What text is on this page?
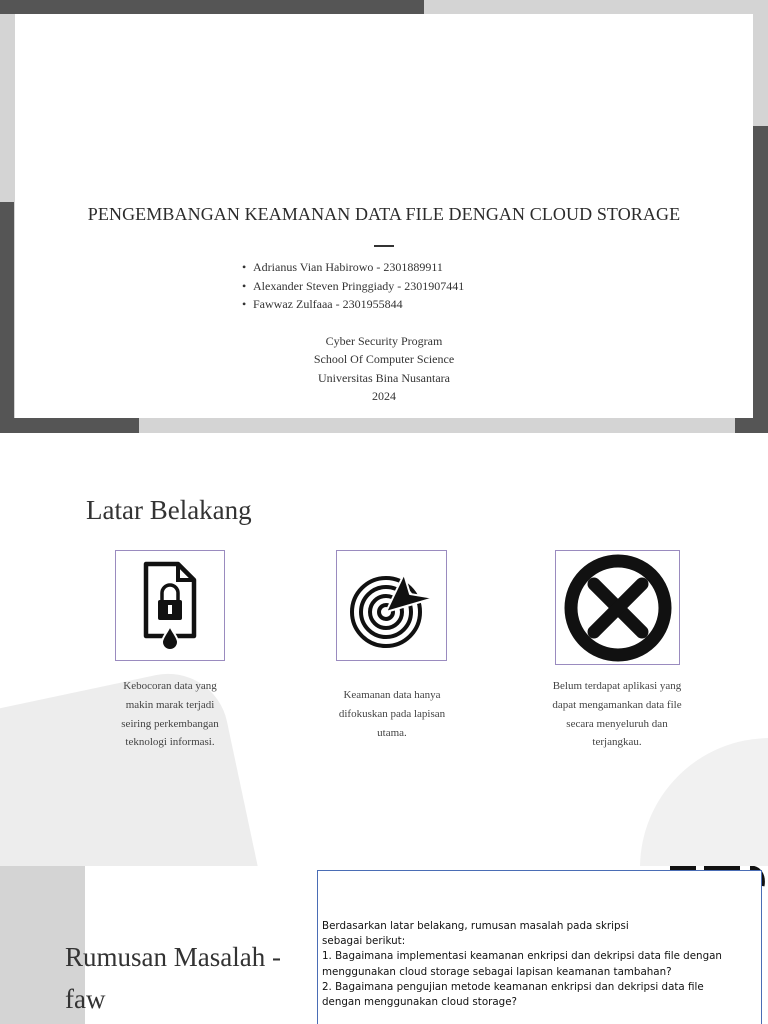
PENGEMBANGAN KEAMANAN DATA FILE DENGAN CLOUD STORAGE
• Adrianus Vian Habirowo - 2301889911
• Alexander Steven Pringgiady - 2301907441
• Fawwaz Zulfaaa - 2301955844
Cyber Security Program
School Of Computer Science
Universitas Bina Nusantara
2024
Latar Belakang
Kebocoran data yang
makin marak terjadi
seiring perkembangan
teknologi informasi.
Keamanan data hanya
difokuskan pada lapisan
utama.
Belum terdapat aplikasi yang
dapat mengamankan data file
secara menyeluruh dan
terjangkau.
Rumusan Masalah -
faw
Berdasarkan latar belakang, rumusan masalah pada skripsi
sebagai berikut:
1. Bagaimana implementasi keamanan enkripsi dan dekripsi data file dengan
menggunakan cloud storage sebagai lapisan keamanan tambahan?
2. Bagaimana pengujian metode keamanan enkripsi dan dekripsi data file
dengan menggunakan cloud storage?
